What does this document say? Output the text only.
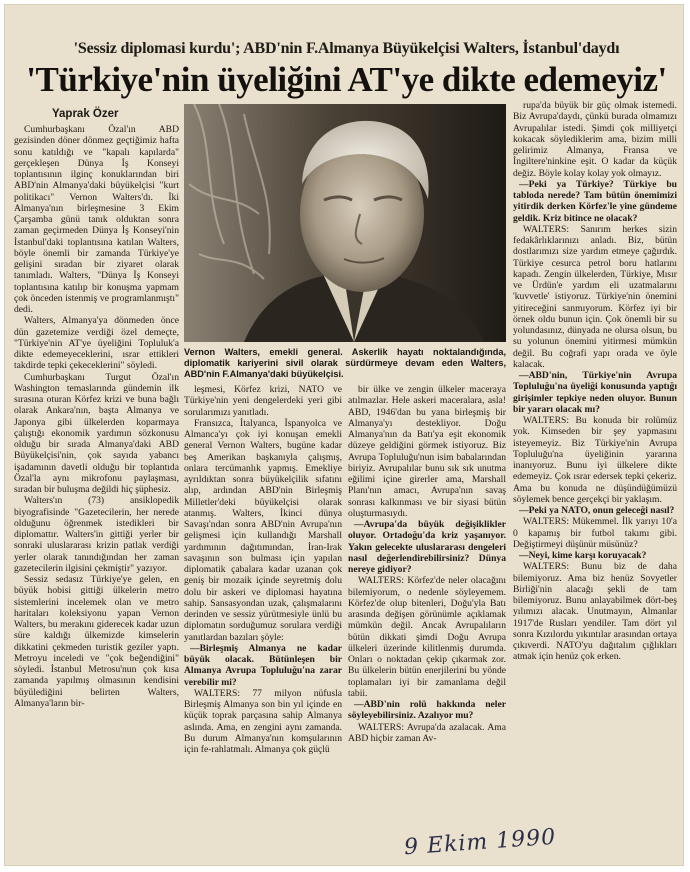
'Sessiz diplomasi kurdu'; ABD'nin F.Almanya Büyükelçisi Walters, İstanbul'daydı

'Türkiye'nin üyeliğini AT'ye dikte edemeyiz'

Yaprak Özer

Cumhurbaşkanı Özal'ın ABD gezisinden döner dönmez geçtiğimiz hafta sonu katıldığı ve "kapalı kapılarda" gerçekleşen Dünya İş Konseyi toplantısının ilginç konuklarından biri ABD'nin Almanya'daki büyükelçisi "kurt politikacı" Vernon Walters'dı. İki Almanya'nın birleşmesine 3 Ekim Çarşamba günü tanık olduktan sonra zaman geçirmeden Dünya İş Konseyi'nin İstanbul'daki toplantısına katılan Walters, böyle önemli bir zamanda Türkiye'ye gelişini sıradan bir ziyaret olarak tanımladı. Walters, "Dünya İş Konseyi toplantısına katılıp bir konuşma yapmam çok önceden istenmiş ve programlanmıştı" dedi.

Walters, Almanya'ya dönmeden önce dün gazetemize verdiği özel demeçte, "Türkiye'nin AT'ye üyeliğini Topluluk'a dikte edemeyeceklerini, ısrar ettikleri takdirde tepki çekeceklerini" söyledi.

Cumhurbaşkanı Turgut Özal'ın Washington temaslarında gündemin ilk sırasına oturan Körfez krizi ve buna bağlı olarak Ankara'nın, başta Almanya ve Japonya gibi ülkelerden koparmaya çalıştığı ekonomik yardımın sözkonusu olduğu bir sırada Almanya'daki ABD Büyükelçisi'nin, çok sayıda yabancı işadamının davetli olduğu bir toplantıda Özal'la aynı mikrofonu paylaşması, sıradan bir buluşma değildi hiç şüphesiz.

Walters'ın (73) ansiklopedik biyografisinde "Gazetecilerin, her nerede olduğunu öğrenmek istedikleri bir diplomattır. Walters'in gittiği yerler bir sonraki uluslararası krizin patlak verdiği yerler olarak tanındığından her zaman gazetecilerin ilgisini çekmiştir" yazıyor.

Sessiz sedasız Türkiye'ye gelen, en büyük hobisi gittiği ülkelerin metro sistemlerini incelemek olan ve metro haritaları koleksiyonu yapan Vernon Walters, bu merakını giderecek kadar uzun süre kaldığı ülkemizde kimselerin dikkatini çekmeden turistik geziler yaptı. Metroyu inceledi ve "çok beğendiğini" söyledi. İstanbul Metrosu'nun çok kısa zamanda yapılmış olmasının kendisini büyülediğini belirten Walters, Almanya'ların bir-

Vernon Walters, emekli general. Askerlik hayatı noktalandığında, diplomatik kariyerini sivil olarak sürdürmeye devam eden Walters, ABD'nin F.Almanya'daki büyükelçisi.

leşmesi, Körfez krizi, NATO ve Türkiye'nin yeni dengelerdeki yeri gibi sorularımızı yanıtladı.

Fransızca, İtalyanca, İspanyolca ve Almanca'yı çok iyi konuşan emekli general Vernon Walters, bugüne kadar beş Amerikan başkanıyla çalışmış, onlara tercümanlık yapmış. Emekliye ayrıldıktan sonra büyükelçilik sıfatını alıp, ardından ABD'nin Birleşmiş Milletler'deki büyükelçisi olarak atanmış. Walters, İkinci dünya Savaşı'ndan sonra ABD'nin Avrupa'nın gelişmesi için kullandığı Marshall yardımının dağıtımından, İran-Irak savaşının son bulması için yapılan diplomatik çabalara kadar uzanan çok geniş bir mozaik içinde seyretmiş dolu dolu bir askeri ve diplomasi hayatına sahip. Sansasyondan uzak, çalışmalarını derinden ve sessiz yürütmesiyle ünlü bu diplomatın sorduğumuz sorulara verdiği yanıtlardan bazıları şöyle:

—Birleşmiş Almanya ne kadar büyük olacak. Bütünleşen bir Almanya Avrupa Topluluğu'na zarar verebilir mi?

WALTERS: 77 milyon nüfusla Birleşmiş Almanya son bin yıl içinde en küçük toprak parçasına sahip Almanya aslında. Ama, en zengini aynı zamanda. Bu durum Almanya'nın komşularının için fe-rahlatmalı. Almanya çok güçlü

bir ülke ve zengin ülkeler maceraya atılmazlar. Hele askeri maceralara, asla! ABD, 1946'dan bu yana birleşmiş bir Almanya'yı destekliyor. Doğu Almanya'nın da Batı'ya eşit ekonomik düzeye geldiğini görmek istiyoruz. Biz Avrupa Topluluğu'nun isim babalarından biriyiz. Avrupalılar bunu sık sık unutma eğilimi içine girerler ama, Marshall Planı'nın amacı, Avrupa'nın savaş sonrası kalkınması ve bir siyasi bütün oluşturmasıydı.

—Avrupa'da büyük değişiklikler oluyor. Ortadoğu'da kriz yaşanıyor. Yakın gelecekte uluslararası dengeleri nasıl değerlendirebilirsiniz? Dünya nereye gidiyor?

WALTERS: Körfez'de neler olacağını bilemiyorum, o nedenle söyleyemem. Körfez'de olup bitenleri, Doğu'yla Batı arasında değişen görünümle açıklamak mümkün değil. Ancak Avrupalıların bütün dikkati şimdi Doğu Avrupa ülkeleri üzerinde kilitlenmiş durumda. Onları o noktadan çekip çıkarmak zor. Bu ülkelerin bütün enerjilerini bu yönde toplamaları iyi bir zamanlama değil tabii.

—ABD'nin rolü hakkında neler söyleyebilirsiniz. Azalıyor mu?

WALTERS: Avrupa'da azalacak. Ama ABD hiçbir zaman Av-

rupa'da büyük bir güç olmak istemedi. Biz Avrupa'daydı, çünkü burada olmamızı Avrupalılar istedi. Şimdi çok milliyetçi kokacak söylediklerim ama, bizim milli gelirimiz Almanya, Fransa ve İngiltere'ninkine eşit. O kadar da küçük değiz. Böyle kolay kolay yok olmayız.

—Peki ya Türkiye? Türkiye bu tabloda nerede? Tam bütün önemimizi yitirdik derken Körfez'le yine gündeme geldik. Kriz bitince ne olacak?

WALTERS: Sanırım herkes sizin fedakârlıklarınızı anladı. Biz, bütün dostlarımızı size yardım etmeye çağırdık. Türkiye cesurca petrol boru hatlarını kapadı. Zengin ülkelerden, Türkiye, Mısır ve Ürdün'e yardım eli uzatmalarını 'kuvvetle' istiyoruz. Türkiye'nin önemini yitireceğini sanmıyorum. Körfez iyi bir örnek oldu bunun için. Çok önemli bir su yolundasınız, dünyada ne olursa olsun, bu su yolunun önemini yitirmesi mümkün değil. Bu coğrafi yapı orada ve öyle kalacak.

—ABD'nin, Türkiye'nin Avrupa Topluluğu'na üyeliği konusunda yaptığı girişimler tepkiye neden oluyor. Bunun bir yararı olacak mı?

WALTERS: Bu konuda bir rolümüz yok. Kimseden bir şey yapmasını isteyemeyiz. Biz Türkiye'nin Avrupa Topluluğu'na üyeliğinin yararına inanıyoruz. Bunu iyi ülkelere dikte edemeyiz. Çok ısrar edersek tepki çekeriz. Ama bu konuda ne düşündüğümüzü söylemek bence gerçekçi bir yaklaşım.

—Peki ya NATO, onun geleceği nasıl?

WALTERS: Mükemmel. İlk yarıyı 10'a 0 kapamış bir futbol takımı gibi. Değiştirmeyi düşünür müsünüz?

—Neyi, kime karşı koruyacak?

WALTERS: Bunu biz de daha bilemiyoruz. Ama biz henüz Sovyetler Birliği'nin alacağı şekli de tam bilemiyoruz. Bunu anlayabilmek dört-beş yılımızı alacak. Unutmayın, Almanlar 1917'de Rusları yendiler. Tam dört yıl sonra Kızılordu yıkıntılar arasından ortaya çıkıverdi. NATO'yu dağıtalım çığlıkları atmak için henüz çok erken.

9 Ekim 1990
